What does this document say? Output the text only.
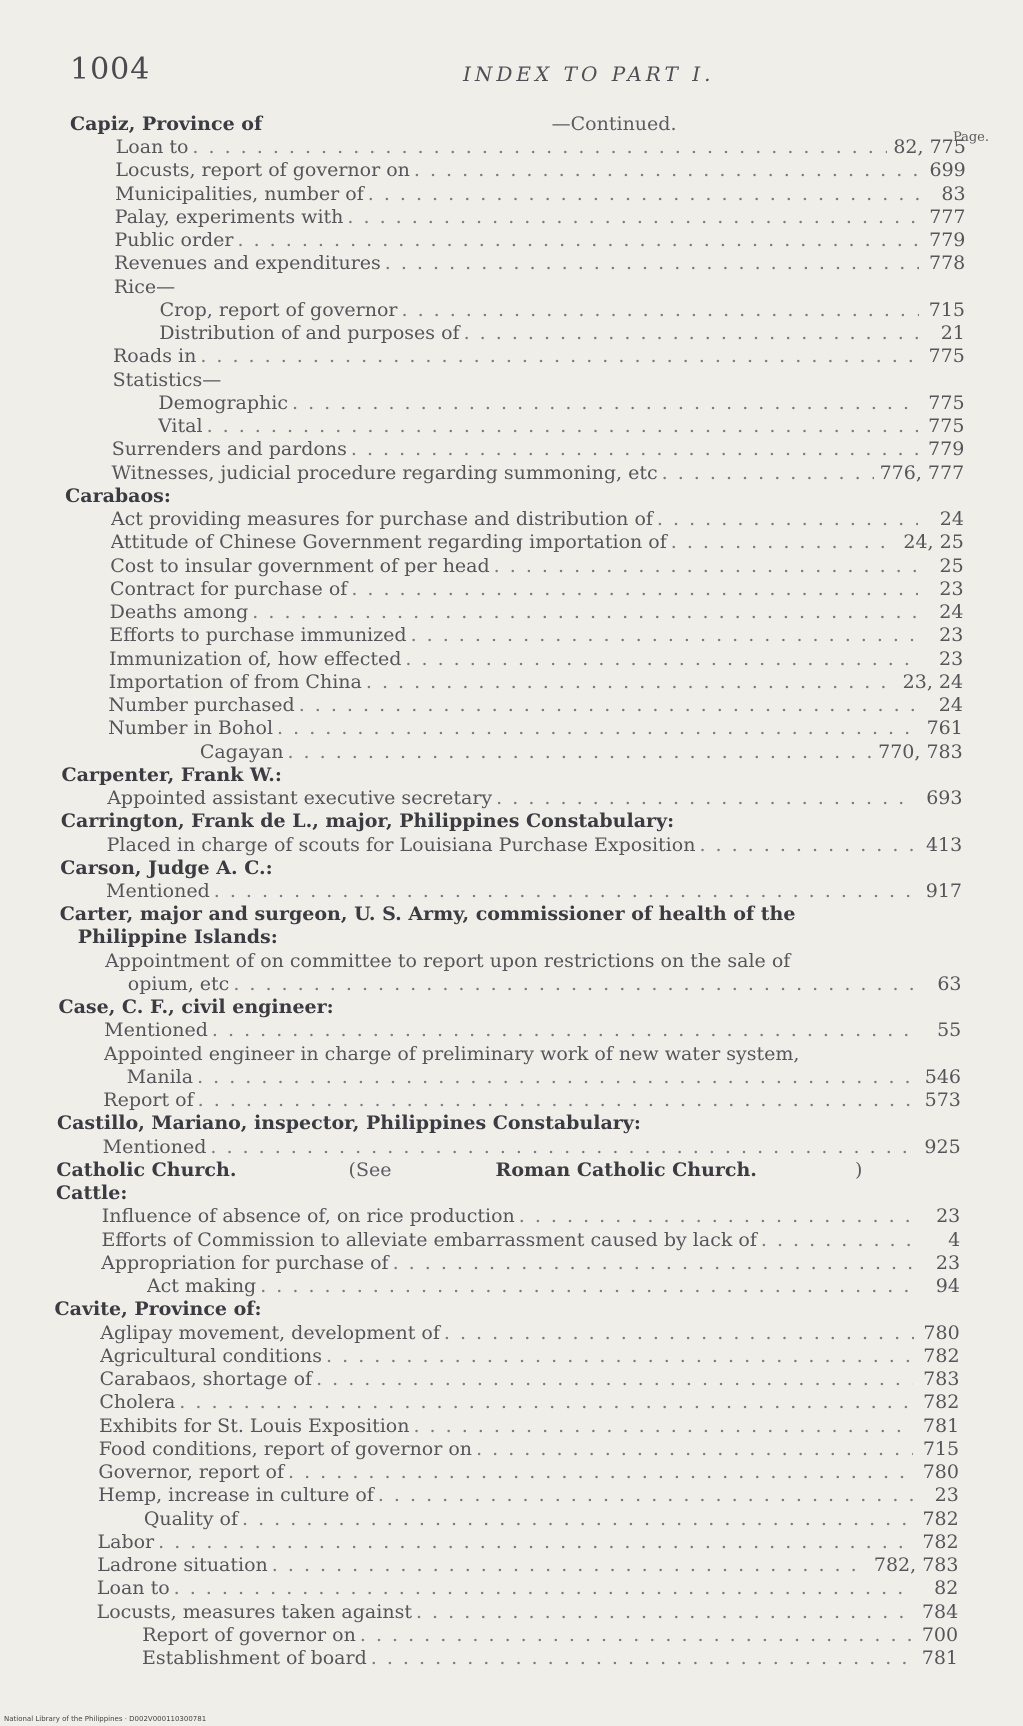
1004	INDEX TO PART I.
Page.
Capiz, Province of	—Continued.
Loan to . . .	82, 775
Locusts, report of governor on . . .	699
Municipalities, number of . . .	83
Palay, experiments with . . .	777
Public order . . .	779
Revenues and expenditures . . .	778
Rice—
Crop, report of governor . . .	715
Distribution of and purposes of . . .	21
Roads in . . .	775
Statistics—
Demographic . . .	775
Vital . . .	775
Surrenders and pardons . . .	779
Witnesses, judicial procedure regarding summoning, etc . . .	776, 777
Carabaos:
Act providing measures for purchase and distribution of . . .	24
Attitude of Chinese Government regarding importation of . . .	24, 25
Cost to insular government of per head . . .	25
Contract for purchase of . . .	23
Deaths among . . .	24
Efforts to purchase immunized . . .	23
Immunization of, how effected . . .	23
Importation of from China . . .	23, 24
Number purchased . . .	24
Number in Bohol . . .	761
Cagayan . . .	770, 783
Carpenter, Frank W.:
Appointed assistant executive secretary . . .	693
Carrington, Frank de L., major, Philippines Constabulary:
Placed in charge of scouts for Louisiana Purchase Exposition . . .	413
Carson, Judge A. C.:
Mentioned . . .	917
Carter, major and surgeon, U. S. Army, commissioner of health of the
Philippine Islands:
Appointment of on committee to report upon restrictions on the sale of
opium, etc . . .	63
Case, C. F., civil engineer:
Mentioned . . .	55
Appointed engineer in charge of preliminary work of new water system,
Manila . . .	546
Report of . . .	573
Castillo, Mariano, inspector, Philippines Constabulary:
Mentioned . . .	925
Catholic Church.	(See	Roman Catholic Church.	)
Cattle:
Influence of absence of, on rice production . . .	23
Efforts of Commission to alleviate embarrassment caused by lack of . . .	4
Appropriation for purchase of . . .	23
Act making . . .	94
Cavite, Province of:
Aglipay movement, development of . . .	780
Agricultural conditions . . .	782
Carabaos, shortage of . . .	783
Cholera . . .	782
Exhibits for St. Louis Exposition . . .	781
Food conditions, report of governor on . . .	715
Governor, report of . . .	780
Hemp, increase in culture of . . .	23
Quality of . . .	782
Labor . . .	782
Ladrone situation . . .	782, 783
Loan to . . .	82
Locusts, measures taken against . . .	784
Report of governor on . . .	700
Establishment of board . . .	781
National Library of the Philippines · D002V000110300781
